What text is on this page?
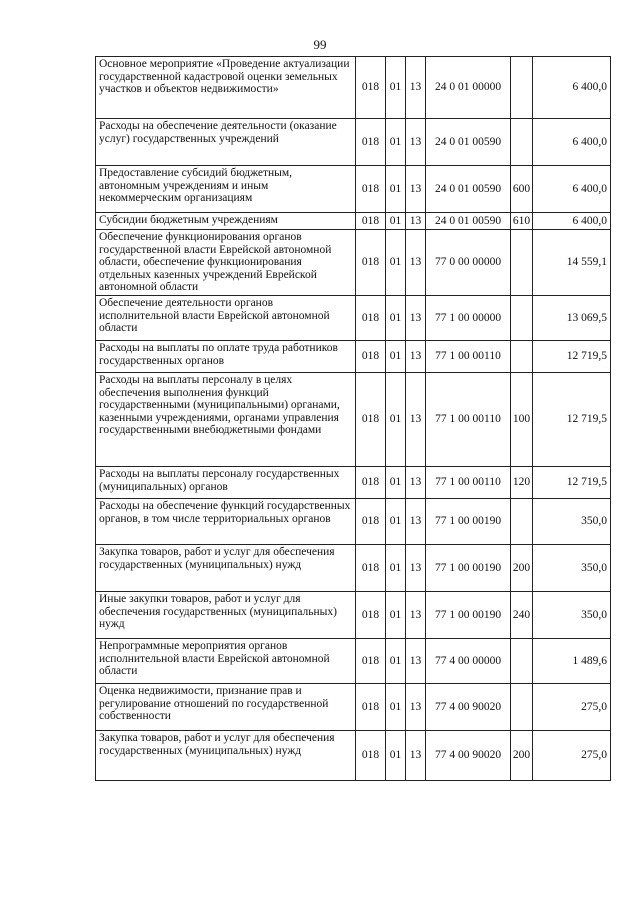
99
Основное мероприятие «Проведение актуализации государственной кадастровой оценки земельных участков и объектов недвижимости»	018	01	13	24 0 01 00000		6 400,0
Расходы на обеспечение деятельности (оказание услуг) государственных учреждений	018	01	13	24 0 01 00590		6 400,0
Предоставление субсидий бюджетным, автономным учреждениям и иным некоммерческим организациям	018	01	13	24 0 01 00590	600	6 400,0
Субсидии бюджетным учреждениям	018	01	13	24 0 01 00590	610	6 400,0
Обеспечение функционирования органов государственной власти Еврейской автономной области, обеспечение функционирования отдельных казенных учреждений Еврейской автономной области	018	01	13	77 0 00 00000		14 559,1
Обеспечение деятельности органов исполнительной власти Еврейской автономной области	018	01	13	77 1 00 00000		13 069,5
Расходы на выплаты по оплате труда работников государственных органов	018	01	13	77 1 00 00110		12 719,5
Расходы на выплаты персоналу в целях обеспечения выполнения функций государственными (муниципальными) органами, казенными учреждениями, органами управления государственными внебюджетными фондами	018	01	13	77 1 00 00110	100	12 719,5
Расходы на выплаты персоналу государственных (муниципальных) органов	018	01	13	77 1 00 00110	120	12 719,5
Расходы на обеспечение функций государственных органов, в том числе территориальных органов	018	01	13	77 1 00 00190		350,0
Закупка товаров, работ и услуг для обеспечения государственных (муниципальных) нужд	018	01	13	77 1 00 00190	200	350,0
Иные закупки товаров, работ и услуг для обеспечения государственных (муниципальных) нужд	018	01	13	77 1 00 00190	240	350,0
Непрограммные мероприятия органов исполнительной власти Еврейской автономной области	018	01	13	77 4 00 00000		1 489,6
Оценка недвижимости, признание прав и регулирование отношений по государственной собственности	018	01	13	77 4 00 90020		275,0
Закупка товаров, работ и услуг для обеспечения государственных (муниципальных) нужд	018	01	13	77 4 00 90020	200	275,0
